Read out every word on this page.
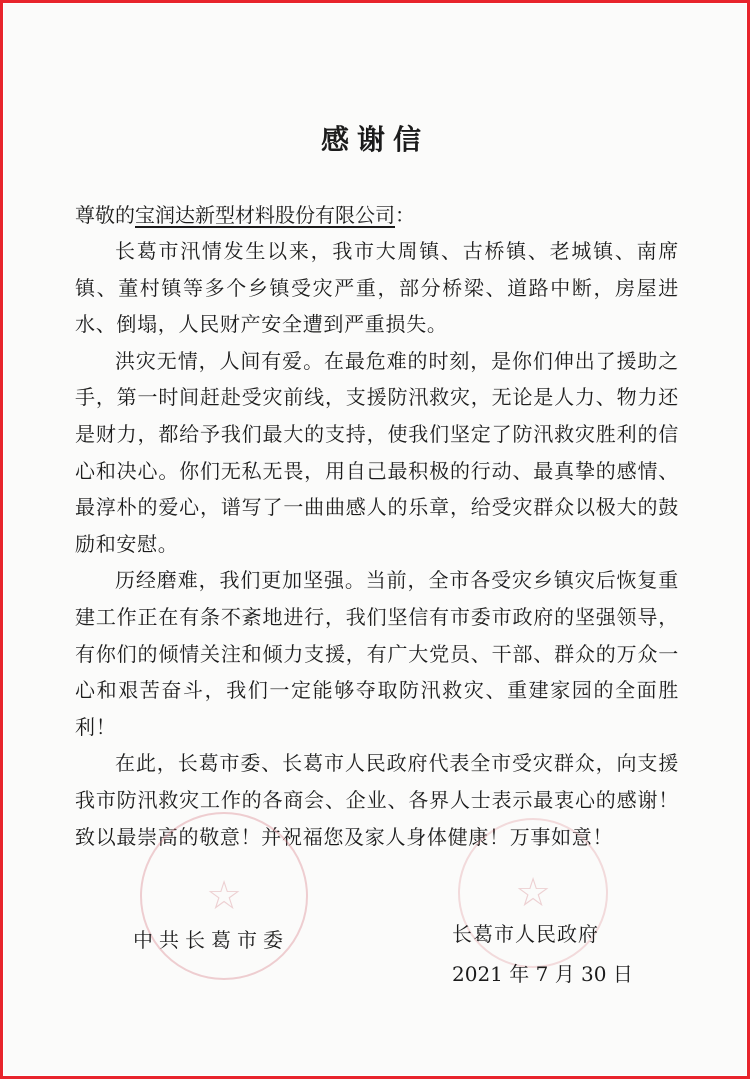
感谢信
尊敬的宝润达新型材料股份有限公司：

长葛市汛情发生以来，我市大周镇、古桥镇、老城镇、南席镇、董村镇等多个乡镇受灾严重，部分桥梁、道路中断，房屋进水、倒塌，人民财产安全遭到严重损失。

洪灾无情，人间有爱。在最危难的时刻，是你们伸出了援助之手，第一时间赶赴受灾前线，支援防汛救灾，无论是人力、物力还是财力，都给予我们最大的支持，使我们坚定了防汛救灾胜利的信心和决心。你们无私无畏，用自己最积极的行动、最真挚的感情、最淳朴的爱心，谱写了一曲曲感人的乐章，给受灾群众以极大的鼓励和安慰。

历经磨难，我们更加坚强。当前，全市各受灾乡镇灾后恢复重建工作正在有条不紊地进行，我们坚信有市委市政府的坚强领导，有你们的倾情关注和倾力支援，有广大党员、干部、群众的万众一心和艰苦奋斗，我们一定能够夺取防汛救灾、重建家园的全面胜利！

在此，长葛市委、长葛市人民政府代表全市受灾群众，向支援我市防汛救灾工作的各商会、企业、各界人士表示最衷心的感谢！致以最崇高的敬意！并祝福您及家人身体健康！万事如意！

☆	☆

中共长葛市委	长葛市人民政府

2021 年 7 月 30 日
